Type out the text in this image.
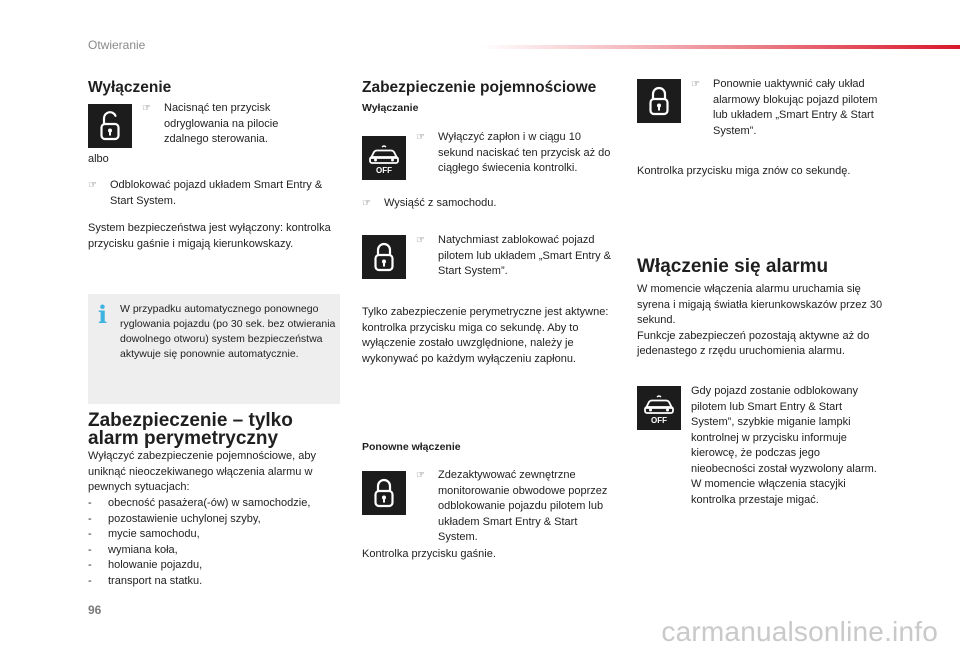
Otwieranie
96
carmanualsonline.info
Wyłączenie
☞ Nacisnąć ten przycisk odryglowania na pilocie zdalnego sterowania.
albo
☞ Odblokować pojazd układem Smart Entry & Start System.
System bezpieczeństwa jest wyłączony: kontrolka przycisku gaśnie i migają kierunkowskazy.
i W przypadku automatycznego ponownego ryglowania pojazdu (po 30 sek. bez otwierania dowolnego otworu) system bezpieczeństwa aktywuje się ponownie automatycznie.
Zabezpieczenie – tylko
alarm perymetryczny
Wyłączyć zabezpieczenie pojemnościowe, aby uniknąć nieoczekiwanego włączenia alarmu w pewnych sytuacjach:
- obecność pasażera(-ów) w samochodzie,
- pozostawienie uchylonej szyby,
- mycie samochodu,
- wymiana koła,
- holowanie pojazdu,
- transport na statku.
Zabezpieczenie pojemnościowe
Wyłączanie
OFF
☞ Wyłączyć zapłon i w ciągu 10 sekund naciskać ten przycisk aż do ciągłego świecenia kontrolki.
☞ Wysiąść z samochodu.
☞ Natychmiast zablokować pojazd pilotem lub układem „Smart Entry & Start System”.
Tylko zabezpieczenie perymetryczne jest aktywne: kontrolka przycisku miga co sekundę. Aby to wyłączenie zostało uwzględnione, należy je wykonywać po każdym wyłączeniu zapłonu.
Ponowne włączenie
☞ Zdezaktywować zewnętrzne monitorowanie obwodowe poprzez odblokowanie pojazdu pilotem lub układem Smart Entry & Start System.
Kontrolka przycisku gaśnie.
☞ Ponownie uaktywnić cały układ alarmowy blokując pojazd pilotem lub układem „Smart Entry & Start System”.
Kontrolka przycisku miga znów co sekundę.
Włączenie się alarmu
W momencie włączenia alarmu uruchamia się syrena i migają światła kierunkowskazów przez 30 sekund.
Funkcje zabezpieczeń pozostają aktywne aż do jedenastego z rzędu uruchomienia alarmu.
OFF
Gdy pojazd zostanie odblokowany pilotem lub Smart Entry & Start System”, szybkie miganie lampki kontrolnej w przycisku informuje kierowcę, że podczas jego nieobecności został wyzwolony alarm.
W momencie włączenia stacyjki kontrolka przestaje migać.
